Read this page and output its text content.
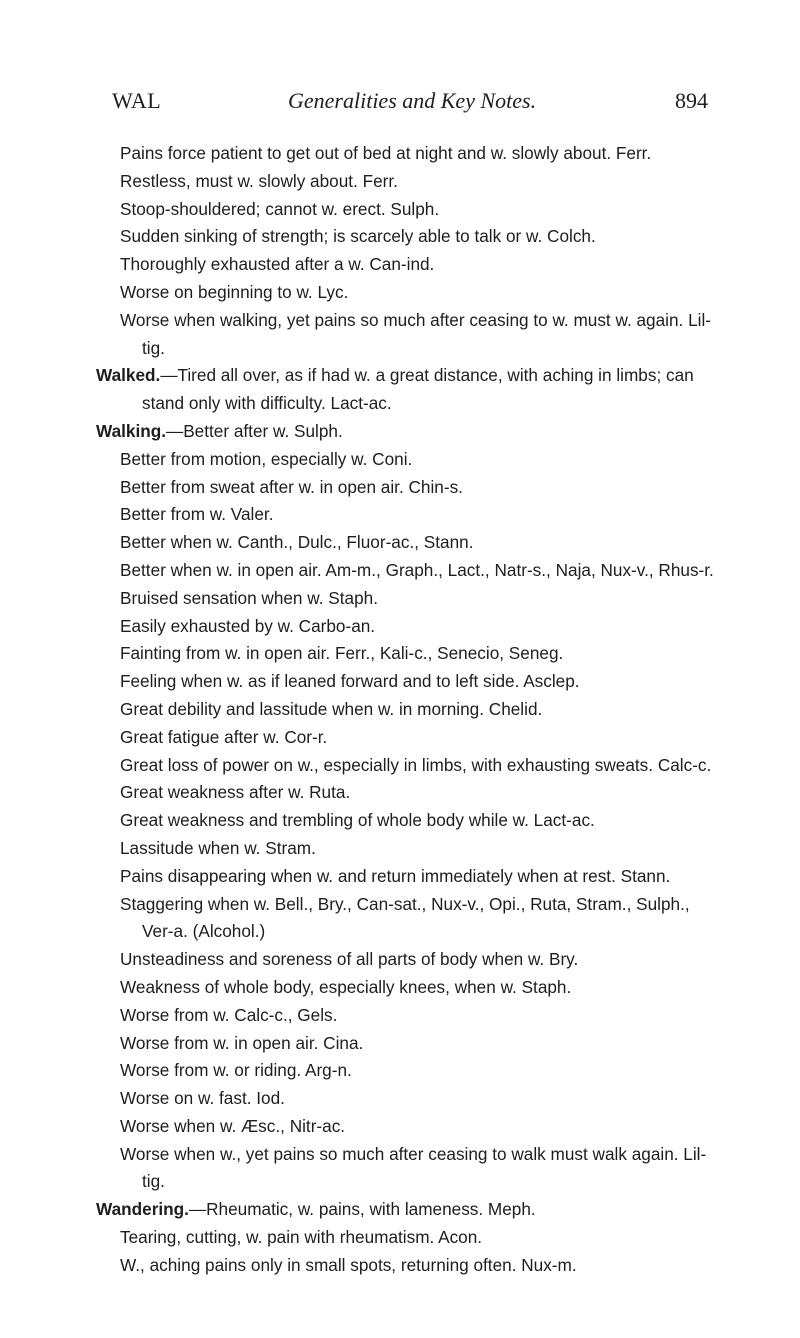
WAL	Generalities and Key Notes.	894

Pains force patient to get out of bed at night and w. slowly about. Ferr.

Restless, must w. slowly about. Ferr.

Stoop-shouldered; cannot w. erect. Sulph.

Sudden sinking of strength; is scarcely able to talk or w. Colch.

Thoroughly exhausted after a w. Can-ind.

Worse on beginning to w. Lyc.

Worse when walking, yet pains so much after ceasing to w. must w. again. Lil-tig.

Walked.—Tired all over, as if had w. a great distance, with aching in limbs; can stand only with difficulty. Lact-ac.

Walking.—Better after w. Sulph.

Better from motion, especially w. Coni.

Better from sweat after w. in open air. Chin-s.

Better from w. Valer.

Better when w. Canth., Dulc., Fluor-ac., Stann.

Better when w. in open air. Am-m., Graph., Lact., Natr-s., Naja, Nux-v., Rhus-r.

Bruised sensation when w. Staph.

Easily exhausted by w. Carbo-an.

Fainting from w. in open air. Ferr., Kali-c., Senecio, Seneg.

Feeling when w. as if leaned forward and to left side. Asclep.

Great debility and lassitude when w. in morning. Chelid.

Great fatigue after w. Cor-r.

Great loss of power on w., especially in limbs, with exhausting sweats. Calc-c.

Great weakness after w. Ruta.

Great weakness and trembling of whole body while w. Lact-ac.

Lassitude when w. Stram.

Pains disappearing when w. and return immediately when at rest. Stann.

Staggering when w. Bell., Bry., Can-sat., Nux-v., Opi., Ruta, Stram., Sulph., Ver-a. (Alcohol.)

Unsteadiness and soreness of all parts of body when w. Bry.

Weakness of whole body, especially knees, when w. Staph.

Worse from w. Calc-c., Gels.

Worse from w. in open air. Cina.

Worse from w. or riding. Arg-n.

Worse on w. fast. Iod.

Worse when w. Æsc., Nitr-ac.

Worse when w., yet pains so much after ceasing to walk must walk again. Lil-tig.

Wandering.—Rheumatic, w. pains, with lameness. Meph.

Tearing, cutting, w. pain with rheumatism. Acon.

W., aching pains only in small spots, returning often. Nux-m.
